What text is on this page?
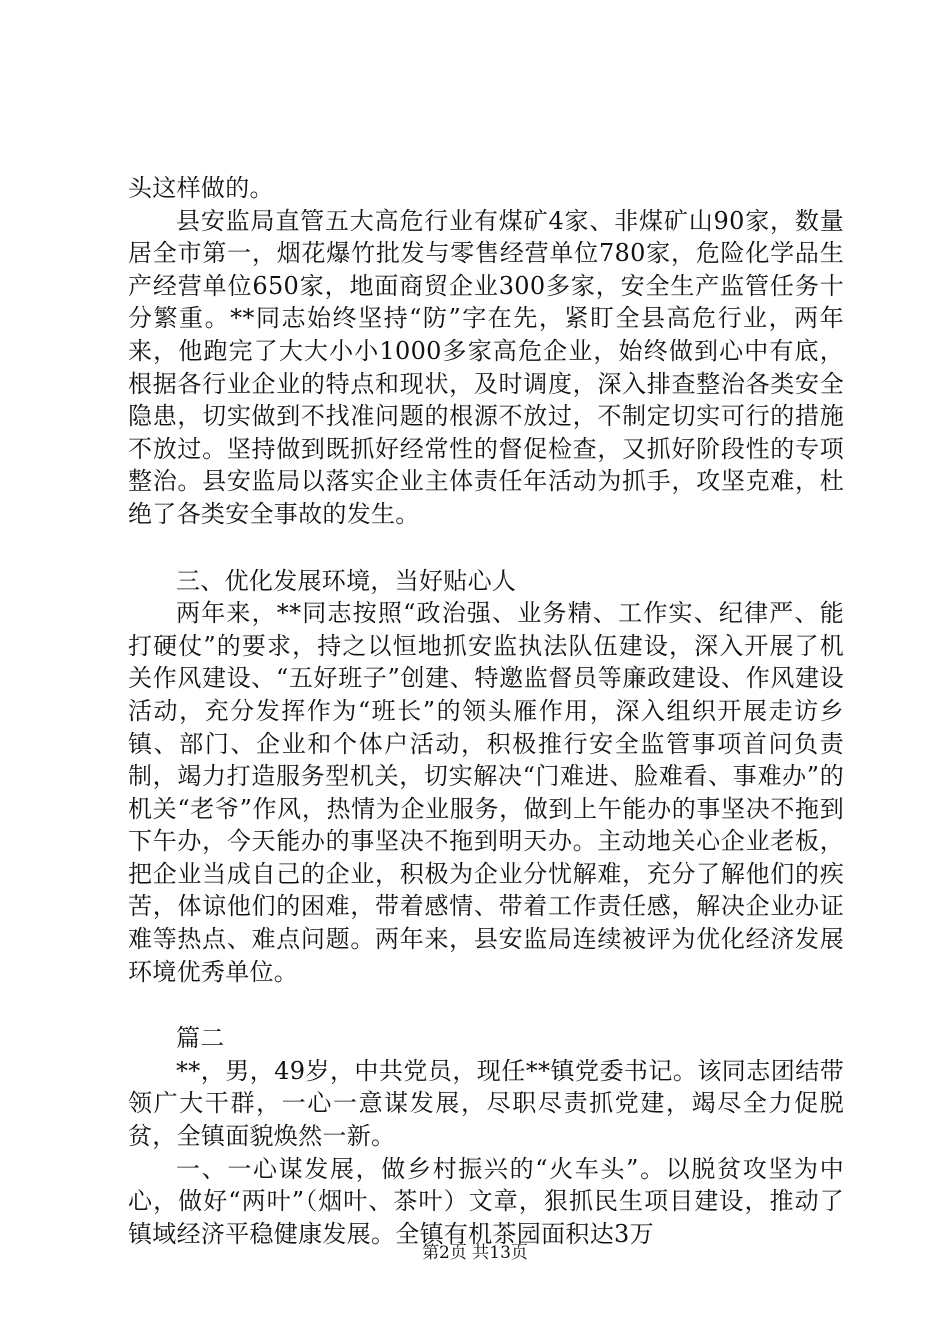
头这样做的。

县安监局直管五大高危行业有煤矿4家、非煤矿山90家，数量居全市第一，烟花爆竹批发与零售经营单位780家，危险化学品生产经营单位650家，地面商贸企业300多家，安全生产监管任务十分繁重。**同志始终坚持“防”字在先，紧盯全县高危行业，两年来，他跑完了大大小小1000多家高危企业，始终做到心中有底，根据各行业企业的特点和现状，及时调度，深入排查整治各类安全隐患，切实做到不找准问题的根源不放过，不制定切实可行的措施不放过。坚持做到既抓好经常性的督促检查，又抓好阶段性的专项整治。县安监局以落实企业主体责任年活动为抓手，攻坚克难，杜绝了各类安全事故的发生。

三、优化发展环境，当好贴心人

两年来，**同志按照“政治强、业务精、工作实、纪律严、能打硬仗”的要求，持之以恒地抓安监执法队伍建设，深入开展了机关作风建设、“五好班子”创建、特邀监督员等廉政建设、作风建设活动，充分发挥作为“班长”的领头雁作用，深入组织开展走访乡镇、部门、企业和个体户活动，积极推行安全监管事项首问负责制，竭力打造服务型机关，切实解决“门难进、脸难看、事难办”的机关“老爷”作风，热情为企业服务，做到上午能办的事坚决不拖到下午办，今天能办的事坚决不拖到明天办。主动地关心企业老板，把企业当成自己的企业，积极为企业分忧解难，充分了解他们的疾苦，体谅他们的困难，带着感情、带着工作责任感，解决企业办证难等热点、难点问题。两年来，县安监局连续被评为优化经济发展环境优秀单位。

篇二

**，男，49岁，中共党员，现任**镇党委书记。该同志团结带领广大干群，一心一意谋发展，尽职尽责抓党建，竭尽全力促脱贫，全镇面貌焕然一新。

一、一心谋发展，做乡村振兴的“火车头”。以脱贫攻坚为中心，做好“两叶”（烟叶、茶叶）文章，狠抓民生项目建设，推动了镇域经济平稳健康发展。全镇有机茶园面积达3万

第2页 共13页
